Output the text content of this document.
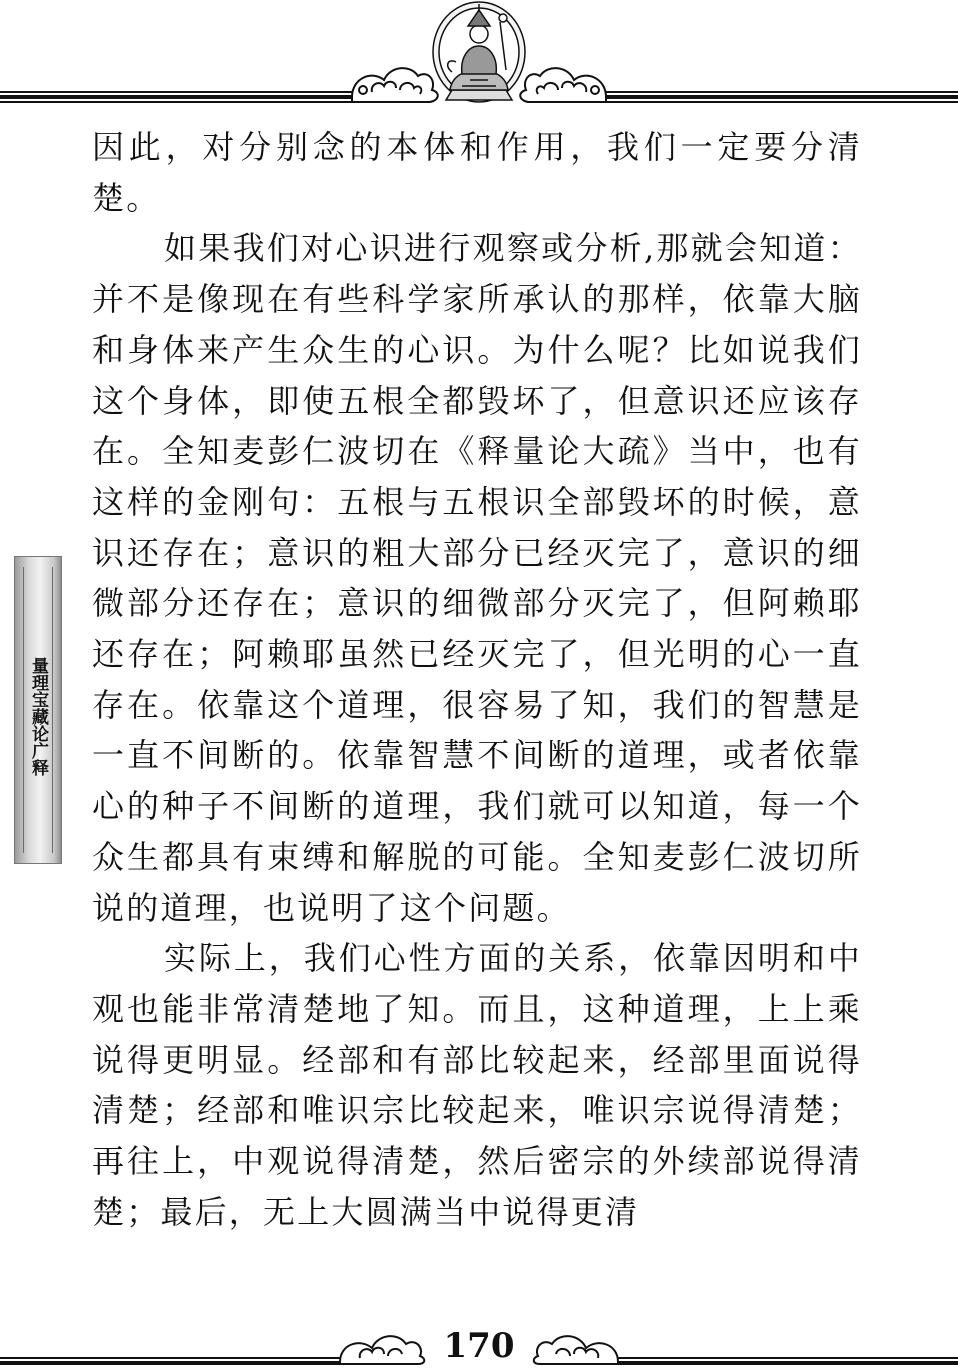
因此，对分别念的本体和作用，我们一定要分清楚。

如果我们对心识进行观察或分析,那就会知道：并不是像现在有些科学家所承认的那样，依靠大脑和身体来产生众生的心识。为什么呢？比如说我们这个身体，即使五根全都毁坏了，但意识还应该存在。全知麦彭仁波切在《释量论大疏》当中，也有这样的金刚句：五根与五根识全部毁坏的时候，意识还存在；意识的粗大部分已经灭完了，意识的细微部分还存在；意识的细微部分灭完了，但阿赖耶还存在；阿赖耶虽然已经灭完了，但光明的心一直存在。依靠这个道理，很容易了知，我们的智慧是一直不间断的。依靠智慧不间断的道理，或者依靠心的种子不间断的道理，我们就可以知道，每一个众生都具有束缚和解脱的可能。全知麦彭仁波切所说的道理，也说明了这个问题。

实际上，我们心性方面的关系，依靠因明和中观也能非常清楚地了知。而且，这种道理，上上乘说得更明显。经部和有部比较起来，经部里面说得清楚；经部和唯识宗比较起来，唯识宗说得清楚；再往上，中观说得清楚，然后密宗的外续部说得清楚；最后，无上大圆满当中说得更清

量理宝藏论广释
170
